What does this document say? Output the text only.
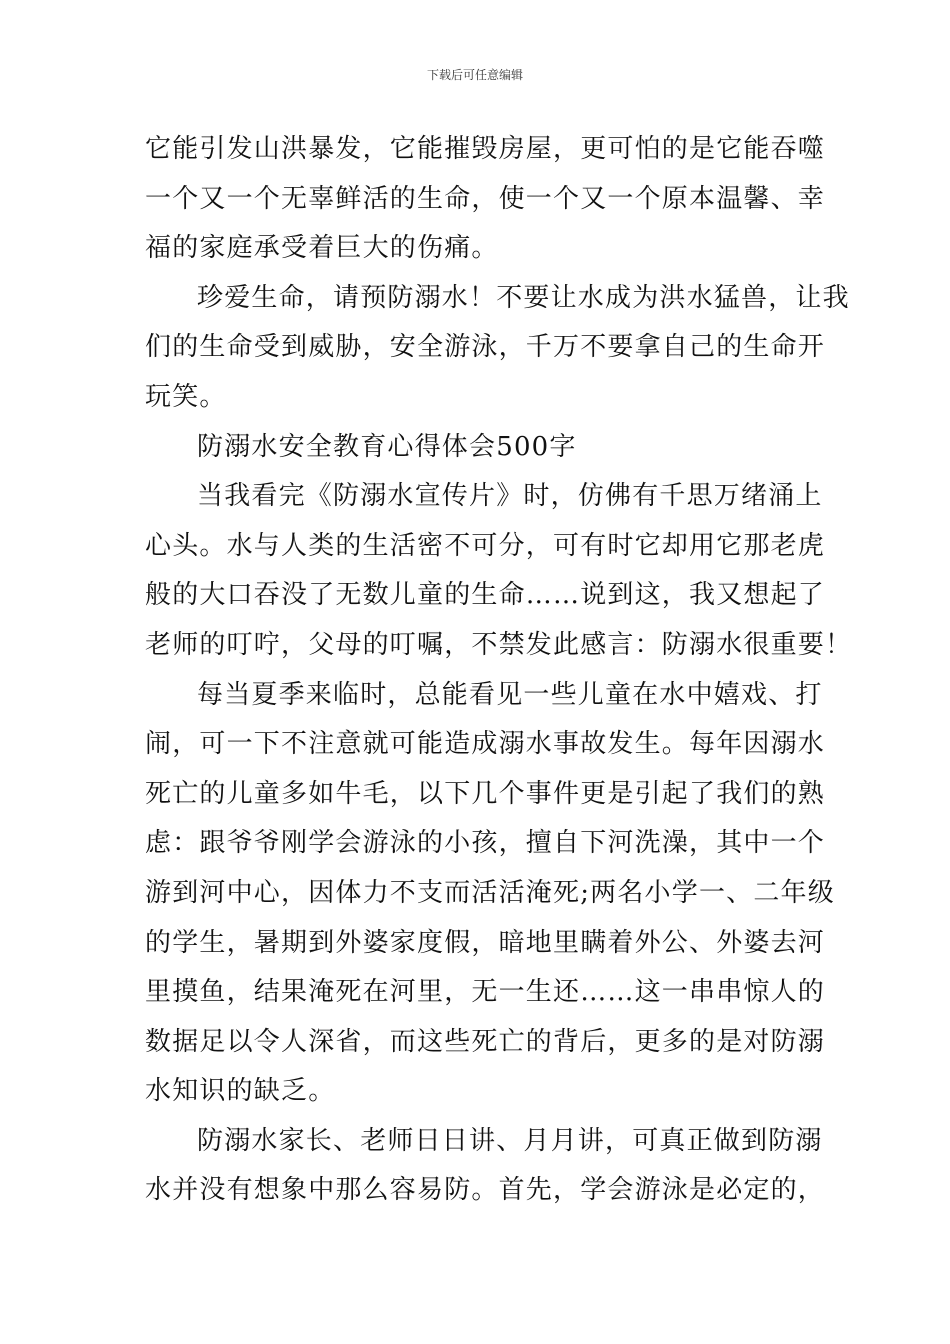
下载后可任意编辑

它能引发山洪暴发，它能摧毁房屋，更可怕的是它能吞噬
一个又一个无辜鲜活的生命，使一个又一个原本温馨、幸
福的家庭承受着巨大的伤痛。

珍爱生命，请预防溺水！不要让水成为洪水猛兽，让我
们的生命受到威胁，安全游泳，千万不要拿自己的生命开
玩笑。

防溺水安全教育心得体会500字

当我看完《防溺水宣传片》时，仿佛有千思万绪涌上
心头。水与人类的生活密不可分，可有时它却用它那老虎
般的大口吞没了无数儿童的生命……说到这，我又想起了
老师的叮咛，父母的叮嘱，不禁发此感言：防溺水很重要！

每当夏季来临时，总能看见一些儿童在水中嬉戏、打
闹，可一下不注意就可能造成溺水事故发生。每年因溺水
死亡的儿童多如牛毛，以下几个事件更是引起了我们的熟
虑：跟爷爷刚学会游泳的小孩，擅自下河洗澡，其中一个
游到河中心，因体力不支而活活淹死;两名小学一、二年级
的学生，暑期到外婆家度假，暗地里瞒着外公、外婆去河
里摸鱼，结果淹死在河里，无一生还……这一串串惊人的
数据足以令人深省，而这些死亡的背后，更多的是对防溺
水知识的缺乏。

防溺水家长、老师日日讲、月月讲，可真正做到防溺
水并没有想象中那么容易防。首先，学会游泳是必定的，
